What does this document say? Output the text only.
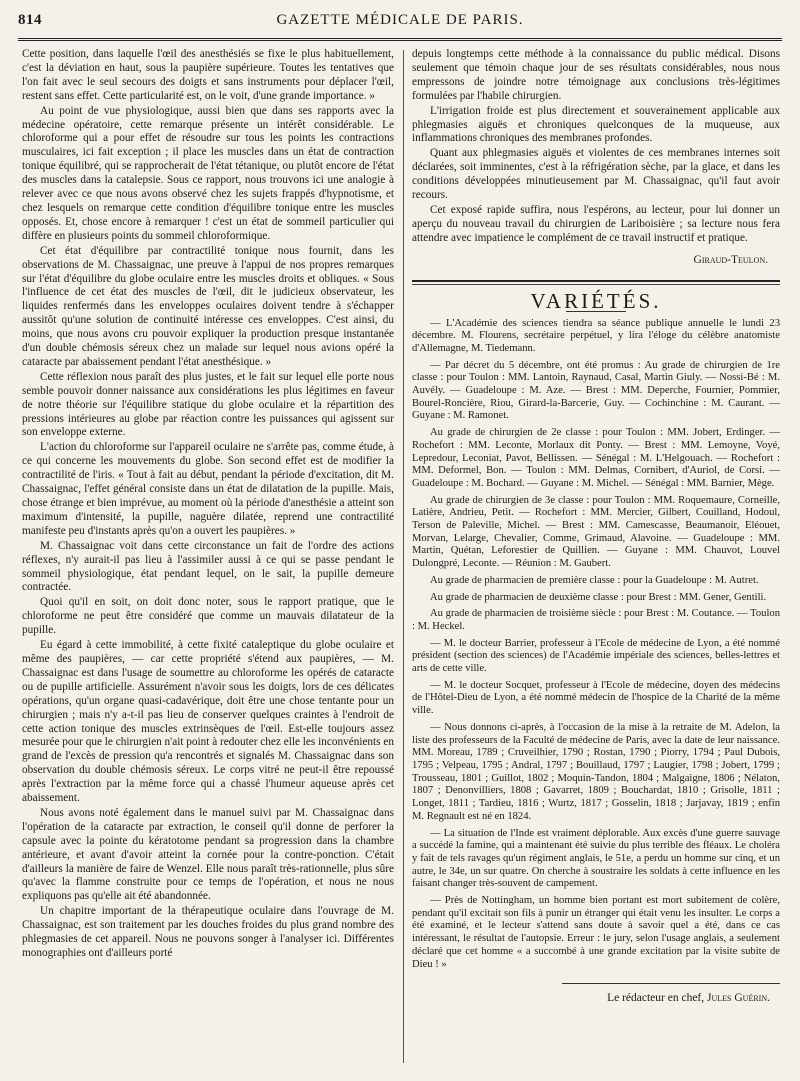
814	GAZETTE MÉDICALE DE PARIS.

Cette position, dans laquelle l'œil des anesthésiés se fixe le plus habituellement, c'est la déviation en haut, sous la paupière supérieure. Toutes les tentatives que l'on fait avec le seul secours des doigts et sans instruments pour déplacer l'œil, restent sans effet. Cette particularité est, on le voit, d'une grande importance. »

Au point de vue physiologique, aussi bien que dans ses rapports avec la médecine opératoire, cette remarque présente un intérêt considérable. Le chloroforme qui a pour effet de résoudre sur tous les points les contractions musculaires, ici fait exception ; il place les muscles dans un état de contraction tonique équilibré, qui se rapprocherait de l'état tétanique, ou plutôt encore de l'état des muscles dans la catalepsie. Sous ce rapport, nous trouvons ici une analogie à relever avec ce que nous avons observé chez les sujets frappés d'hypnotisme, et chez lesquels on remarque cette condition d'équilibre tonique entre les muscles opposés. Et, chose encore à remarquer ! c'est un état de sommeil particulier qui diffère en plusieurs points du sommeil chloroformique.

Cet état d'équilibre par contractilité tonique nous fournit, dans les observations de M. Chassaignac, une preuve à l'appui de nos propres remarques sur l'état d'équilibre du globe oculaire entre les muscles droits et obliques. « Sous l'influence de cet état des muscles de l'œil, dit le judicieux observateur, les liquides renfermés dans les enveloppes oculaires doivent tendre à s'échapper aussitôt qu'une solution de continuité intéresse ces enveloppes. C'est ainsi, du moins, que nous avons cru pouvoir expliquer la production presque instantanée d'un double chémosis séreux chez un malade sur lequel nous avions opéré la cataracte par abaissement pendant l'état anesthésique. »

Cette réflexion nous paraît des plus justes, et le fait sur lequel elle porte nous semble pouvoir donner naissance aux considérations les plus légitimes en faveur de notre théorie sur l'équilibre statique du globe oculaire et la répartition des pressions intérieures au globe par réaction contre les puissances qui agissent sur son enveloppe externe.

L'action du chloroforme sur l'appareil oculaire ne s'arrête pas, comme étude, à ce qui concerne les mouvements du globe. Son second effet est de modifier la contractilité de l'iris. « Tout à fait au début, pendant la période d'excitation, dit M. Chassaignac, l'effet général consiste dans un état de dilatation de la pupille. Mais, chose étrange et bien imprévue, au moment où la période d'anesthésie a atteint son maximum d'intensité, la pupille, naguère dilatée, reprend une contractilité manifeste peu d'instants après qu'on a ouvert les paupières. »

M. Chassaignac voit dans cette circonstance un fait de l'ordre des actions réflexes, n'y aurait-il pas lieu à l'assimiler aussi à ce qui se passe pendant le sommeil physiologique, état pendant lequel, on le sait, la pupille demeure contractée.

Quoi qu'il en soit, on doit donc noter, sous le rapport pratique, que le chloroforme ne peut être considéré que comme un mauvais dilatateur de la pupille.

Eu égard à cette immobilité, à cette fixité cataleptique du globe oculaire et même des paupières, — car cette propriété s'étend aux paupières, — M. Chassaignac est dans l'usage de soumettre au chloroforme les opérés de cataracte ou de pupille artificielle. Assurément n'avoir sous les doigts, lors de ces délicates opérations, qu'un organe quasi-cadavérique, doit être une chose tentante pour un chirurgien ; mais n'y a-t-il pas lieu de conserver quelques craintes à l'endroit de cette action tonique des muscles extrinsèques de l'œil. Est-elle toujours assez mesurée pour que le chirurgien n'ait point à redouter chez elle les inconvénients en grand de l'excès de pression qu'a rencontrés et signalés M. Chassaignac dans son observation du double chémosis séreux. Le corps vitré ne peut-il être repoussé après l'extraction par la même force qui a chassé l'humeur aqueuse après cet abaissement.

Nous avons noté également dans le manuel suivi par M. Chassaignac dans l'opération de la cataracte par extraction, le conseil qu'il donne de perforer la capsule avec la pointe du kératotome pendant sa progression dans la chambre antérieure, et avant d'avoir atteint la cornée pour la contre-ponction. C'était d'ailleurs la manière de faire de Wenzel. Elle nous paraît très-rationnelle, plus sûre qu'avec la flamme construite pour ce temps de l'opération, et nous ne nous expliquons pas qu'elle ait été abandonnée.

Un chapitre important de la thérapeutique oculaire dans l'ouvrage de M. Chassaignac, est son traitement par les douches froides du plus grand nombre des phlegmasies de cet appareil. Nous ne pouvons songer à l'analyser ici. Différentes monographies ont d'ailleurs porté

depuis longtemps cette méthode à la connaissance du public médical. Disons seulement que témoin chaque jour de ses résultats considérables, nous nous empressons de joindre notre témoignage aux conclusions très-légitimes formulées par l'habile chirurgien.

L'irrigation froide est plus directement et souverainement applicable aux phlegmasies aiguës et chroniques quelconques de la muqueuse, aux inflammations chroniques des membranes profondes.

Quant aux phlegmasies aiguës et violentes de ces membranes internes soit déclarées, soit imminentes, c'est à la réfrigération sèche, par la glace, et dans les conditions développées minutieusement par M. Chassaignac, qu'il faut avoir recours.

Cet exposé rapide suffira, nous l'espérons, au lecteur, pour lui donner un aperçu du nouveau travail du chirurgien de Lariboisière ; sa lecture nous fera attendre avec impatience le complément de ce travail instructif et pratique.

Giraud-Teulon.
VARIÉTÉS.

— L'Académie des sciences tiendra sa séance publique annuelle le lundi 23 décembre. M. Flourens, secrétaire perpétuel, y lira l'éloge du célèbre anatomiste d'Allemagne, M. Tiedemann.

— Par décret du 5 décembre, ont été promus : Au grade de chirurgien de 1re classe : pour Toulon : MM. Lantoin, Raynaud, Casal, Martin Giuly. — Nossi-Bé : M. Auvély. — Guadeloupe : M. Aze. — Brest : MM. Deperche, Fournier, Pommier, Bourel-Roncière, Riou, Girard-la-Barcerie, Guy. — Cochinchine : M. Caurant. — Guyane : M. Ramonet.

Au grade de chirurgien de 2e classe : pour Toulon : MM. Jobert, Erdinger. — Rochefort : MM. Leconte, Morlaux dit Ponty. — Brest : MM. Lemoyne, Voyé, Lepredour, Leconiat, Pavot, Bellissen. — Sénégal : M. L'Helgouach. — Rochefort : MM. Deformel, Bon. — Toulon : MM. Delmas, Cornibert, d'Auriol, de Corsi. — Guadeloupe : M. Bochard. — Guyane : M. Michel. — Sénégal : MM. Barnier, Mège.

Au grade de chirurgien de 3e classe : pour Toulon : MM. Roquemaure, Corneille, Latière, Andrieu, Petit. — Rochefort : MM. Mercier, Gilbert, Couilland, Hodoul, Terson de Paleville, Michel. — Brest : MM. Camescasse, Beaumanoir, Eléouet, Morvan, Lelarge, Chevalier, Comme, Grimaud, Alavoine. — Guadeloupe : MM. Martin, Quétan, Leforestier de Quillien. — Guyane : MM. Chauvot, Louvel Dulongpré, Leconte. — Réunion : M. Gaubert.

Au grade de pharmacien de première classe : pour la Guadeloupe : M. Autret.

Au grade de pharmacien de deuxième classe : pour Brest : MM. Gener, Gentili.

Au grade de pharmacien de troisième siècle : pour Brest : M. Coutance. — Toulon : M. Heckel.

— M. le docteur Barrier, professeur à l'Ecole de médecine de Lyon, a été nommé président (section des sciences) de l'Académie impériale des sciences, belles-lettres et arts de cette ville.

— M. le docteur Socquet, professeur à l'Ecole de médecine, doyen des médecins de l'Hôtel-Dieu de Lyon, a été nommé médecin de l'hospice de la Charité de la même ville.

— Nous donnons ci-après, à l'occasion de la mise à la retraite de M. Adelon, la liste des professeurs de la Faculté de médecine de Paris, avec la date de leur naissance. MM. Moreau, 1789 ; Cruveilhier, 1790 ; Rostan, 1790 ; Piorry, 1794 ; Paul Dubois, 1795 ; Velpeau, 1795 ; Andral, 1797 ; Bouillaud, 1797 ; Laugier, 1798 ; Jobert, 1799 ; Trousseau, 1801 ; Guillot, 1802 ; Moquin-Tandon, 1804 ; Malgaigne, 1806 ; Nélaton, 1807 ; Denonvilliers, 1808 ; Gavarret, 1809 ; Bouchardat, 1810 ; Grisolle, 1811 ; Longet, 1811 ; Tardieu, 1816 ; Wurtz, 1817 ; Gosselin, 1818 ; Jarjavay, 1819 ; enfin M. Regnault est né en 1824.

— La situation de l'Inde est vraiment déplorable. Aux excès d'une guerre sauvage a succédé la famine, qui a maintenant été suivie du plus terrible des fléaux. Le choléra y fait de tels ravages qu'un régiment anglais, le 51e, a perdu un homme sur cinq, et un autre, le 34e, un sur quatre. On cherche à soustraire les soldats à cette influence en les faisant changer très-souvent de campement.

— Près de Nottingham, un homme bien portant est mort subitement de colère, pendant qu'il excitait son fils à punir un étranger qui était venu les insulter. Le corps a été examiné, et le lecteur s'attend sans doute à savoir quel a été, dans ce cas intéressant, le résultat de l'autopsie. Erreur : le jury, selon l'usage anglais, a seulement déclaré que cet homme « a succombé à une grande excitation par la visite subite de Dieu ! »

Le rédacteur en chef, Jules Guérin.
